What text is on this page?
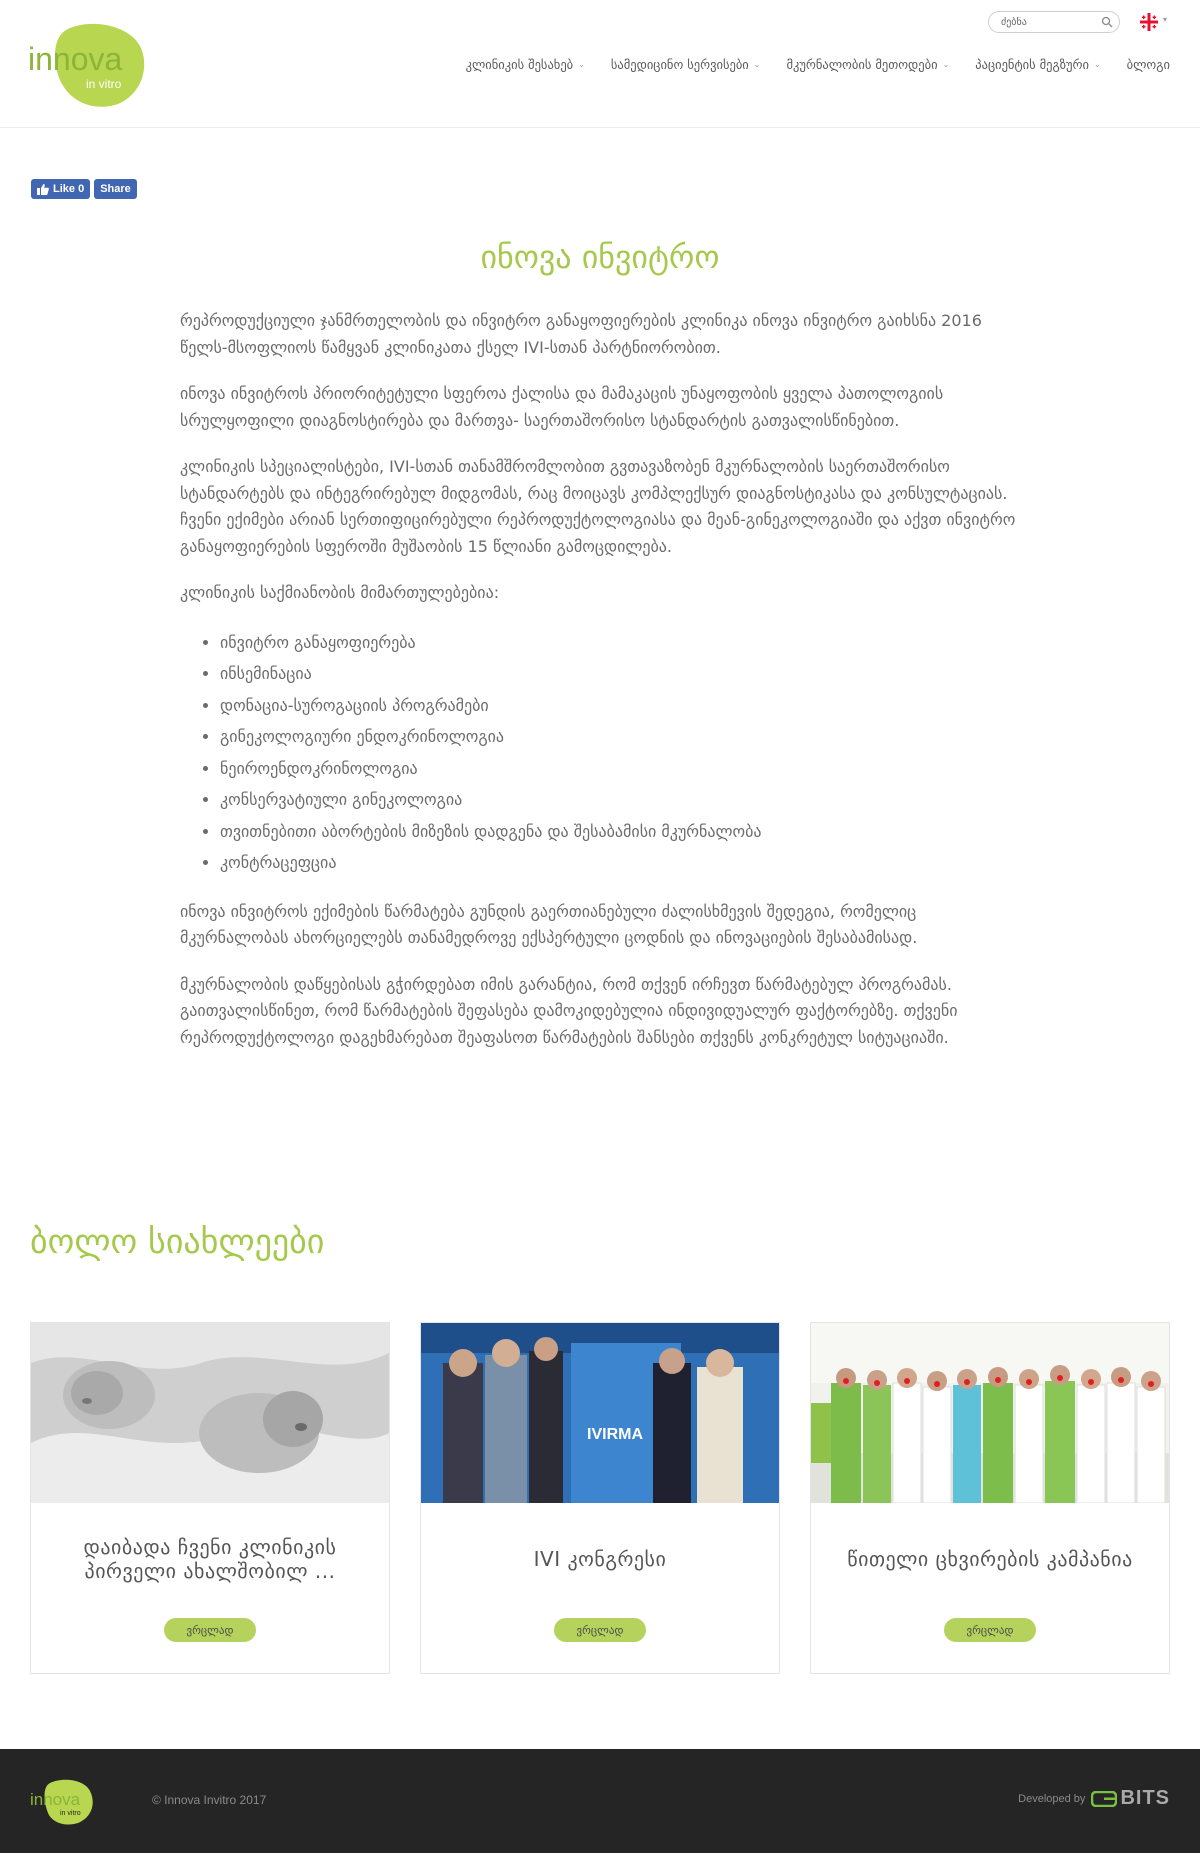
innova
in vitro
ძებნა
▾
კლინიკის შესახებ ⌄ სამედიცინო სერვისები ⌄ მკურნალობის მეთოდები ⌄ პაციენტის მეგზური ⌄ ბლოგი
Like 0 Share
ინოვა ინვიტრო

რეპროდუქციული ჯანმრთელობის და ინვიტრო განაყოფიერების კლინიკა ინოვა ინვიტრო გაიხსნა 2016 წელს-მსოფლიოს წამყვან კლინიკათა ქსელ IVI-სთან პარტნიორობით.

ინოვა ინვიტროს პრიორიტეტული სფეროა ქალისა და მამაკაცის უნაყოფობის ყველა პათოლოგიის სრულყოფილი დიაგნოსტირება და მართვა- საერთაშორისო სტანდარტის გათვალისწინებით.

კლინიკის სპეციალისტები, IVI-სთან თანამშრომლობით გვთავაზობენ მკურნალობის საერთაშორისო სტანდარტებს და ინტეგრირებულ მიდგომას, რაც მოიცავს კომპლექსურ დიაგნოსტიკასა და კონსულტაციას.
ჩვენი ექიმები არიან სერთიფიცირებული რეპროდუქტოლოგიასა და მეან-გინეკოლოგიაში და აქვთ ინვიტრო განაყოფიერების სფეროში მუშაობის 15 წლიანი გამოცდილება.

კლინიკის საქმიანობის მიმართულებებია:

• ინვიტრო განაყოფიერება
• ინსემინაცია
• დონაცია-სუროგაციის პროგრამები
• გინეკოლოგიური ენდოკრინოლოგია
• ნეიროენდოკრინოლოგია
• კონსერვატიული გინეკოლოგია
• თვითნებითი აბორტების მიზეზის დადგენა და შესაბამისი მკურნალობა
• კონტრაცეფცია

ინოვა ინვიტროს ექიმების წარმატება გუნდის გაერთიანებული ძალისხმევის შედეგია, რომელიც მკურნალობას ახორციელებს თანამედროვე ექსპერტული ცოდნის და ინოვაციების შესაბამისად.

მკურნალობის დაწყებისას გჭირდებათ იმის გარანტია, რომ თქვენ ირჩევთ წარმატებულ პროგრამას. გაითვალისწინეთ, რომ წარმატების შეფასება დამოკიდებულია ინდივიდუალურ ფაქტორებზე. თქვენი რეპროდუქტოლოგი დაგეხმარებათ შეაფასოთ წარმატების შანსები თქვენს კონკრეტულ სიტუაციაში.

ბოლო სიახლეები
დაიბადა ჩვენი კლინიკის პირველი ახალშობილ ...
ვრცლად
IVIRMA
IVI კონგრესი
ვრცლად
წითელი ცხვირების კამპანია
ვრცლად
innova
in vitro
© Innova Invitro 2017	Developed by BITS
